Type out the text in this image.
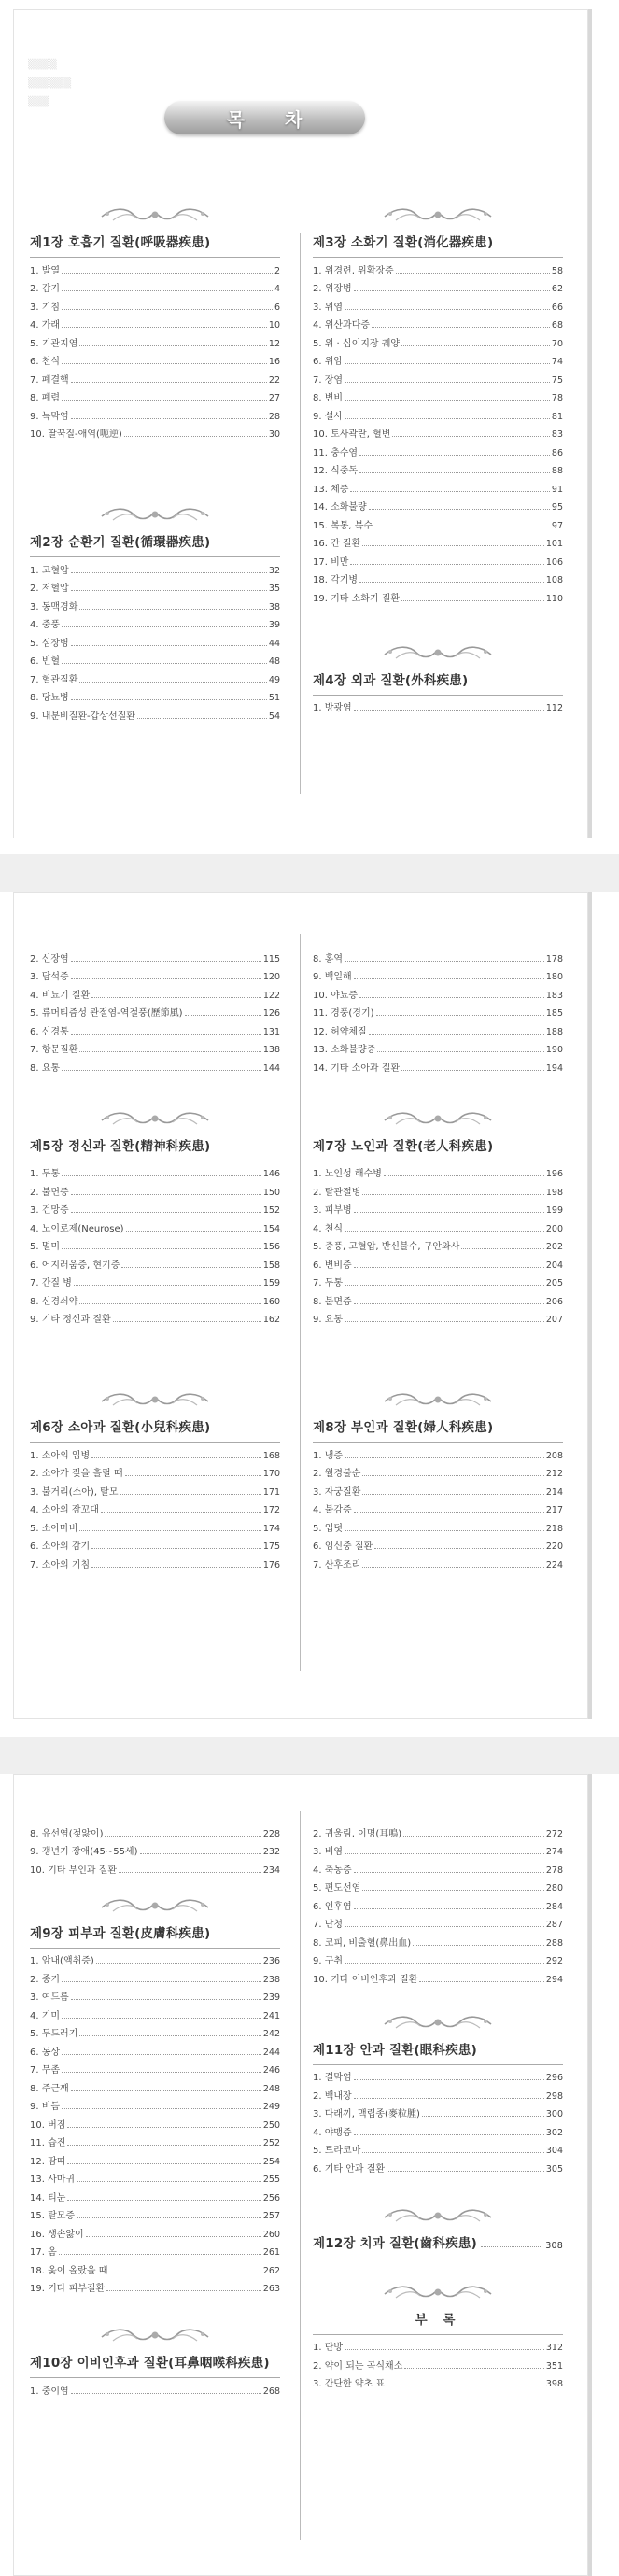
▒▒▒▒
▒▒▒▒▒▒
▒▒▒
목 차
제1장 호흡기 질환(呼吸器疾患)
1. 발열	2
2. 감기	4
3. 기침	6
4. 가래	10
5. 기관지염	12
6. 천식	16
7. 폐결핵	22
8. 폐렴	27
9. 늑막염	28
10. 딸꾹질-애역(呃逆)	30
제2장 순환기 질환(循環器疾患)
1. 고혈압	32
2. 저혈압	35
3. 동맥경화	38
4. 중풍	39
5. 심장병	44
6. 빈혈	48
7. 혈관질환	49
8. 당뇨병	51
9. 내분비질환-갑상선질환	54
제3장 소화기 질환(消化器疾患)
1. 위경련, 위확장증	58
2. 위장병	62
3. 위염	66
4. 위산과다증	68
5. 위 · 십이지장 궤양	70
6. 위암	74
7. 장염	75
8. 변비	78
9. 설사	81
10. 토사곽란, 혈변	83
11. 충수염	86
12. 식중독	88
13. 체증	91
14. 소화불량	95
15. 복통, 복수	97
16. 간 질환	101
17. 비만	106
18. 각기병	108
19. 기타 소화기 질환	110
제4장 외과 질환(外科疾患)
1. 방광염	112
2. 신장염	115
3. 담석증	120
4. 비뇨기 질환	122
5. 류머티즘성 관절염-역절풍(歷節風)	126
6. 신경통	131
7. 항문질환	138
8. 요통	144
제5장 정신과 질환(精神科疾患)
1. 두통	146
2. 불면증	150
3. 건망증	152
4. 노이로제(Neurose)	154
5. 멀미	156
6. 어지러움증, 현기증	158
7. 간질 병	159
8. 신경쇠약	160
9. 기타 정신과 질환	162
제6장 소아과 질환(小兒科疾患)
1. 소아의 입병	168
2. 소아가 젖을 흘릴 때	170
3. 불거리(소아), 탈모	171
4. 소아의 잠꼬대	172
5. 소아마비	174
6. 소아의 감기	175
7. 소아의 기침	176
8. 홍역	178
9. 백일해	180
10. 야뇨증	183
11. 경풍(경기)	185
12. 허약체질	188
13. 소화불량증	190
14. 기타 소아과 질환	194
제7장 노인과 질환(老人科疾患)
1. 노인성 해수병	196
2. 탈관절병	198
3. 피부병	199
4. 천식	200
5. 중풍, 고혈압, 반신불수, 구안와사	202
6. 변비증	204
7. 두통	205
8. 불면증	206
9. 요통	207
제8장 부인과 질환(婦人科疾患)
1. 냉증	208
2. 월경불순	212
3. 자궁질환	214
4. 불감증	217
5. 입덧	218
6. 임신중 질환	220
7. 산후조리	224
8. 유선염(젖앓이)	228
9. 갱년기 장애(45~55세)	232
10. 기타 부인과 질환	234
제9장 피부과 질환(皮膚科疾患)
1. 암내(액취증)	236
2. 종기	238
3. 여드름	239
4. 기미	241
5. 두드러기	242
6. 동상	244
7. 무좀	246
8. 주근깨	248
9. 비듬	249
10. 버짐	250
11. 습진	252
12. 땀띠	254
13. 사마귀	255
14. 티눈	256
15. 탈모증	257
16. 생손앓이	260
17. 옴	261
18. 옻이 올랐을 때	262
19. 기타 피부질환	263
제10장 이비인후과 질환(耳鼻咽喉科疾患)
1. 중이염	268
2. 귀울림, 이명(耳鳴)	272
3. 비염	274
4. 축농증	278
5. 편도선염	280
6. 인후염	284
7. 난청	287
8. 코피, 비출혈(鼻出血)	288
9. 구취	292
10. 기타 이비인후과 질환	294
제11장 안과 질환(眼科疾患)
1. 결막염	296
2. 백내장	298
3. 다래끼, 맥립종(麥粒腫)	300
4. 야맹증	302
5. 트라코마	304
6. 기타 안과 질환	305
제12장 치과 질환(齒科疾患)	308
부 록
1. 단방	312
2. 약이 되는 곡식채소	351
3. 간단한 약초 표	398
